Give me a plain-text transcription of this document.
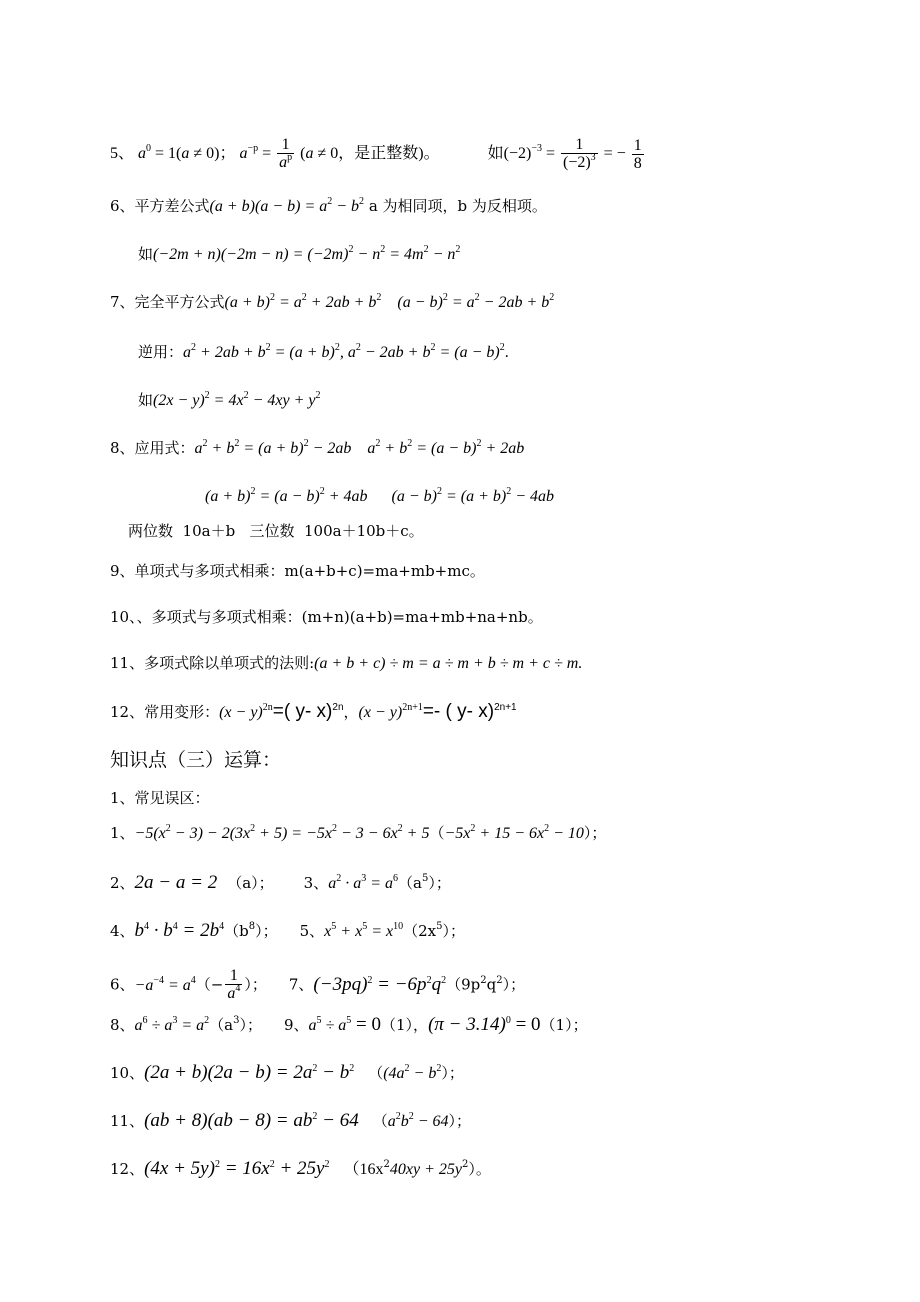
5、 $a^0 = 1(a \ne 0)$； $a^{-p} = \frac{1}{a^p} (a \ne 0$，是正整数)。	如$(-2)^{-3} = \frac{1}{(-2)^3}$ = − $\frac{1}{8}$
6、平方差公式$(a + b)(a - b) = a^2 - b^2$ a 为相同项，b 为反相项。
如$(-2m + n)(-2m - n) = (-2m)^2 - n^2 = 4m^2 - n^2$
7、完全平方公式$(a + b)^2 = a^2 + 2ab + b^2$    $(a - b)^2 = a^2 - 2ab + b^2$
逆用：$a^2 + 2ab + b^2 = (a + b)^2$, $a^2 - 2ab + b^2 = (a - b)^2$.
如$(2x - y)^2 = 4x^2 - 4xy + y^2$
8、应用式：$a^2 + b^2 = (a + b)^2 - 2ab$    $a^2 + b^2 = (a - b)^2 + 2ab$
$(a + b)^2 = (a - b)^2 + 4ab$      $(a - b)^2 = (a + b)^2 - 4ab$
两位数  10a＋b   三位数  100a＋10b＋c。
9、单项式与多项式相乘：m(a+b+c)=ma+mb+mc。
10、、多项式与多项式相乘：(m+n)(a+b)=ma+mb+na+nb。
11、多项式除以单项式的法则:(a + b + c) ÷ m = a ÷ m + b ÷ m + c ÷ m.
12、常用变形：$(x - y)^{2n}=$( y- x)$^{2n}$，$(x - y)^{2n+1}=-$ ( y- x)$^{2n+1}$
知识点（三）运算：
1、常见误区：
1、$-5(x^2 - 3) - 2(3x^2 + 5) = -5x^2 - 3 - 6x^2 + 5(-5x^2 + 15 - 6x^2 - 10)$；
2、2a − a = 2 （a）； 3、$a^2 \cdot a^3 = a^6(a^5)$；
4、$b^4 \cdot b^4 = 2b^4(b^8)$； 5、$x^5 + x^5 = x^{10}(2x^5)$；
6、$-a^{-4} = a^4(- \frac{1}{a^4}$ ）； 7、$(-3pq)^2 = -6p^2q^2(9p^2q^2)$；
8、$a^6 \div a^3 = a^2(a^3)$； 9、$a^5 \div a^5 = 0(1)$，$(\pi - 3.14)^0 = 0(1)$；
10、$(2a + b)(2a - b) = 2a^2 - b^2$ （$(4a^2 - b^2)$；
11、$(ab + 8)(ab - 8) = ab^2 - 64$ $(a^2b^2 - 64)$；
12、$(4x + 5y)^2 = 16x^2 + 25y^2$ $(16x^240xy + 25y^2)$。
